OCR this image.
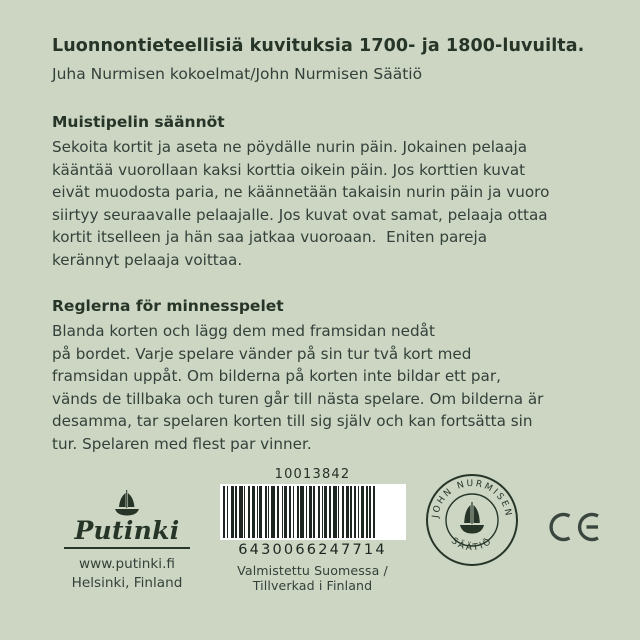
Luonnontieteellisiä kuvituksia 1700- ja 1800-luvuilta.
Juha Nurmisen kokoelmat/John Nurmisen Säätiö
Muistipelin säännöt
Sekoita kortit ja aseta ne pöydälle nurin päin. Jokainen pelaaja
kääntää vuorollaan kaksi korttia oikein päin. Jos korttien kuvat
eivät muodosta paria, ne käännetään takaisin nurin päin ja vuoro
siirtyy seuraavalle pelaajalle. Jos kuvat ovat samat, pelaaja ottaa
kortit itselleen ja hän saa jatkaa vuoroaan.  Eniten pareja
kerännyt pelaaja voittaa.
Reglerna för minnesspelet
Blanda korten och lägg dem med framsidan nedåt
på bordet. Varje spelare vänder på sin tur två kort med
framsidan uppåt. Om bilderna på korten inte bildar ett par,
vänds de tillbaka och turen går till nästa spelare. Om bilderna är
desamma, tar spelaren korten till sig själv och kan fortsätta sin
tur. Spelaren med flest par vinner.
Putinki
www.putinki.fi
Helsinki, Finland
10013842
6430066247714
Valmistettu Suomessa / Tillverkad i Finland
JOHN NURMISEN
SÄÄTIÖ
